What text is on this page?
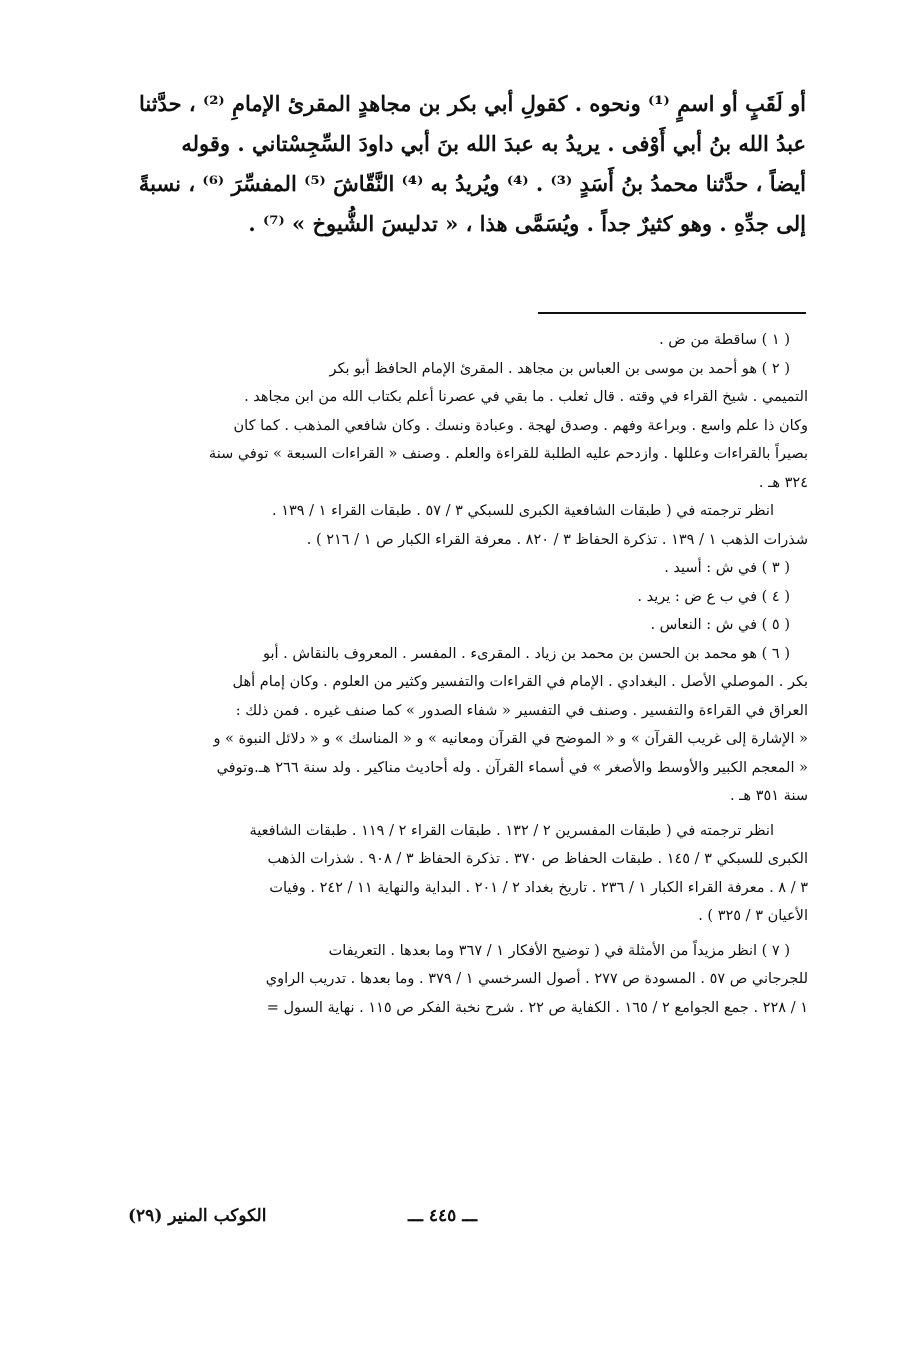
أو لَقَبٍ أو اسمٍ ⁽¹⁾ ونحوه . كقولِ أبي بكر بن مجاهدٍ المقرئ الإمامِ ⁽²⁾ ، حدَّثنا
عبدُ الله بنُ أبي أَوْفى . يريدُ به عبدَ الله بنَ أبي داودَ السِّجِسْتاني . وقوله
أيضاً ، حدَّثنا محمدُ بنُ أَسَدٍ ⁽³⁾ . ⁽⁴⁾ ويُريدُ به ⁽⁴⁾ النَّقّاشَ ⁽⁵⁾ المفسِّرَ ⁽⁶⁾ ، نسبةً
إلى جدِّهِ . وهو كثيرٌ جداً . ويُسَمَّى هذا ، « تدليسَ الشُّيوخ » ⁽⁷⁾ .
( ١ ) ساقطة من ض .
( ٢ ) هو أحمد بن موسى بن العباس بن مجاهد . المقرئ الإمام الحافظ أبو بكر
التميمي . شيخ القراء في وقته . قال ثعلب . ما بقي في عصرنا أعلم بكتاب الله من ابن مجاهد .
وكان ذا علم واسع . وبراعة وفهم . وصدق لهجة . وعبادة ونسك . وكان شافعي المذهب . كما كان
بصيراً بالقراءات وعللها . وازدحم عليه الطلبة للقراءة والعلم . وصنف « القراءات السبعة » توفي سنة
٣٢٤ هـ .
انظر ترجمته في ( طبقات الشافعية الكبرى للسبكي ٣ / ٥٧ . طبقات القراء ١ / ١٣٩ .
شذرات الذهب ١ / ١٣٩ . تذكرة الحفاظ ٣ / ٨٢٠ . معرفة القراء الكبار ص ١ / ٢١٦ ) .
( ٣ ) في ش : أسيد .
( ٤ ) في ب ع ض : يريد .
( ٥ ) في ش : النعاس .
( ٦ ) هو محمد بن الحسن بن محمد بن زياد . المقرىء . المفسر . المعروف بالنقاش . أبو
بكر . الموصلي الأصل . البغدادي . الإمام في القراءات والتفسير وكثير من العلوم . وكان إمام أهل
العراق في القراءة والتفسير . وصنف في التفسير « شفاء الصدور » كما صنف غيره . فمن ذلك :
« الإشارة إلى غريب القرآن » و « الموضح في القرآن ومعانيه » و « المناسك » و « دلائل النبوة » و
« المعجم الكبير والأوسط والأصغر » في أسماء القرآن . وله أحاديث مناكير . ولد سنة ٢٦٦ هـ.وتوفي
سنة ٣٥١ هـ .
انظر ترجمته في ( طبقات المفسرين ٢ / ١٣٢ . طبقات القراء ٢ / ١١٩ . طبقات الشافعية
الكبرى للسبكي ٣ / ١٤٥ . طبقات الحفاظ ص ٣٧٠ . تذكرة الحفاظ ٣ / ٩٠٨ . شذرات الذهب
٣ / ٨ . معرفة القراء الكبار ١ / ٢٣٦ . تاريخ بغداد ٢ / ٢٠١ . البداية والنهاية ١١ / ٢٤٢ . وفيات
الأعيان ٣ / ٣٢٥ ) .
( ٧ ) انظر مزيداً من الأمثلة في ( توضيح الأفكار ١ / ٣٦٧ وما بعدها . التعريفات
للجرجاني ص ٥٧ . المسودة ص ٢٧٧ . أصول السرخسي ١ / ٣٧٩ . وما بعدها . تدريب الراوي
١ / ٢٢٨ . جمع الجوامع ٢ / ١٦٥ . الكفاية ص ٢٢ . شرح نخبة الفكر ص ١١٥ . نهاية السول =
ـــ ٤٤٥ ـــ
الكوكب المنير (٢٩)
